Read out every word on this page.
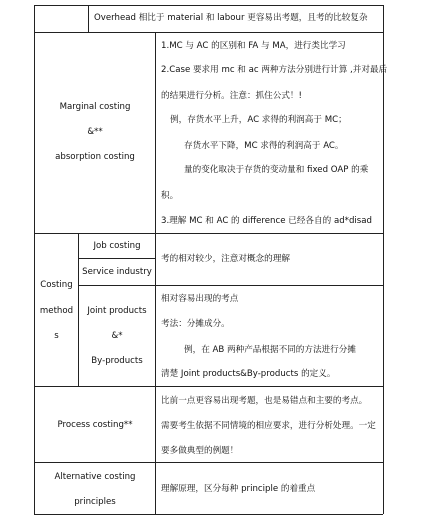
Overhead 相比于 material 和 labour 更容易出考题，且考的比较复杂
Marginal costing
&**
absorption costing
1.MC 与 AC 的区别和 FA 与 MA，进行类比学习
2.Case 要求用 mc 和 ac 两种方法分别进行计算 ,并对最后
的结果进行分析。注意：抓住公式！!
例，存货水平上升，AC 求得的利润高于 MC；
存货水平下降，MC 求得的利润高于 AC。
量的变化取决于存货的变动量和 fixed OAP 的乘
积。
3.理解 MC 和 AC 的 difference 已经各自的 ad*disad
Costing
method
s
Job costing
Service industry
考的相对较少，注意对概念的理解
Joint products
&*
By-products
相对容易出现的考点
考法：分摊成分。
例，在 AB 两种产品根据不同的方法进行分摊
清楚 Joint products&By-products 的定义。
Process costing**
比前一点更容易出现考题，也是易错点和主要的考点。
需要考生依据不同情境的相应要求，进行分析处理。一定
要多做典型的例题！
Alternative costing
principles
理解原理，区分每种 principle 的着重点
